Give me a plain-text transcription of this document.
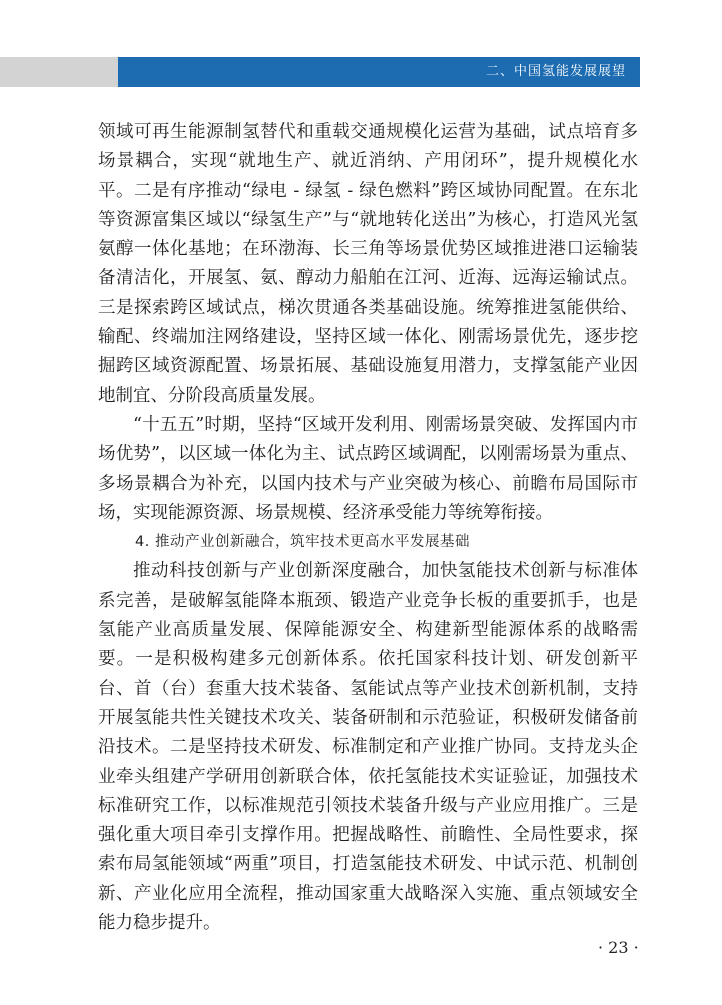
二、中国氢能发展展望

领域可再生能源制氢替代和重载交通规模化运营为基础，试点培育多场景耦合，实现“就地生产、就近消纳、产用闭环”，提升规模化水平。二是有序推动“绿电 - 绿氢 - 绿色燃料”跨区域协同配置。在东北等资源富集区域以“绿氢生产”与“就地转化送出”为核心，打造风光氢氨醇一体化基地；在环渤海、长三角等场景优势区域推进港口运输装备清洁化，开展氢、氨、醇动力船舶在江河、近海、远海运输试点。三是探索跨区域试点，梯次贯通各类基础设施。统筹推进氢能供给、输配、终端加注网络建设，坚持区域一体化、刚需场景优先，逐步挖掘跨区域资源配置、场景拓展、基础设施复用潜力，支撑氢能产业因地制宜、分阶段高质量发展。

“十五五”时期，坚持“区域开发利用、刚需场景突破、发挥国内市场优势”，以区域一体化为主、试点跨区域调配，以刚需场景为重点、多场景耦合为补充，以国内技术与产业突破为核心、前瞻布局国际市场，实现能源资源、场景规模、经济承受能力等统筹衔接。

4. 推动产业创新融合，筑牢技术更高水平发展基础

推动科技创新与产业创新深度融合，加快氢能技术创新与标准体系完善，是破解氢能降本瓶颈、锻造产业竞争长板的重要抓手，也是氢能产业高质量发展、保障能源安全、构建新型能源体系的战略需要。一是积极构建多元创新体系。依托国家科技计划、研发创新平台、首（台）套重大技术装备、氢能试点等产业技术创新机制，支持开展氢能共性关键技术攻关、装备研制和示范验证，积极研发储备前沿技术。二是坚持技术研发、标准制定和产业推广协同。支持龙头企业牵头组建产学研用创新联合体，依托氢能技术实证验证，加强技术标准研究工作，以标准规范引领技术装备升级与产业应用推广。三是强化重大项目牵引支撑作用。把握战略性、前瞻性、全局性要求，探索布局氢能领域“两重”项目，打造氢能技术研发、中试示范、机制创新、产业化应用全流程，推动国家重大战略深入实施、重点领域安全能力稳步提升。

· 23 ·
